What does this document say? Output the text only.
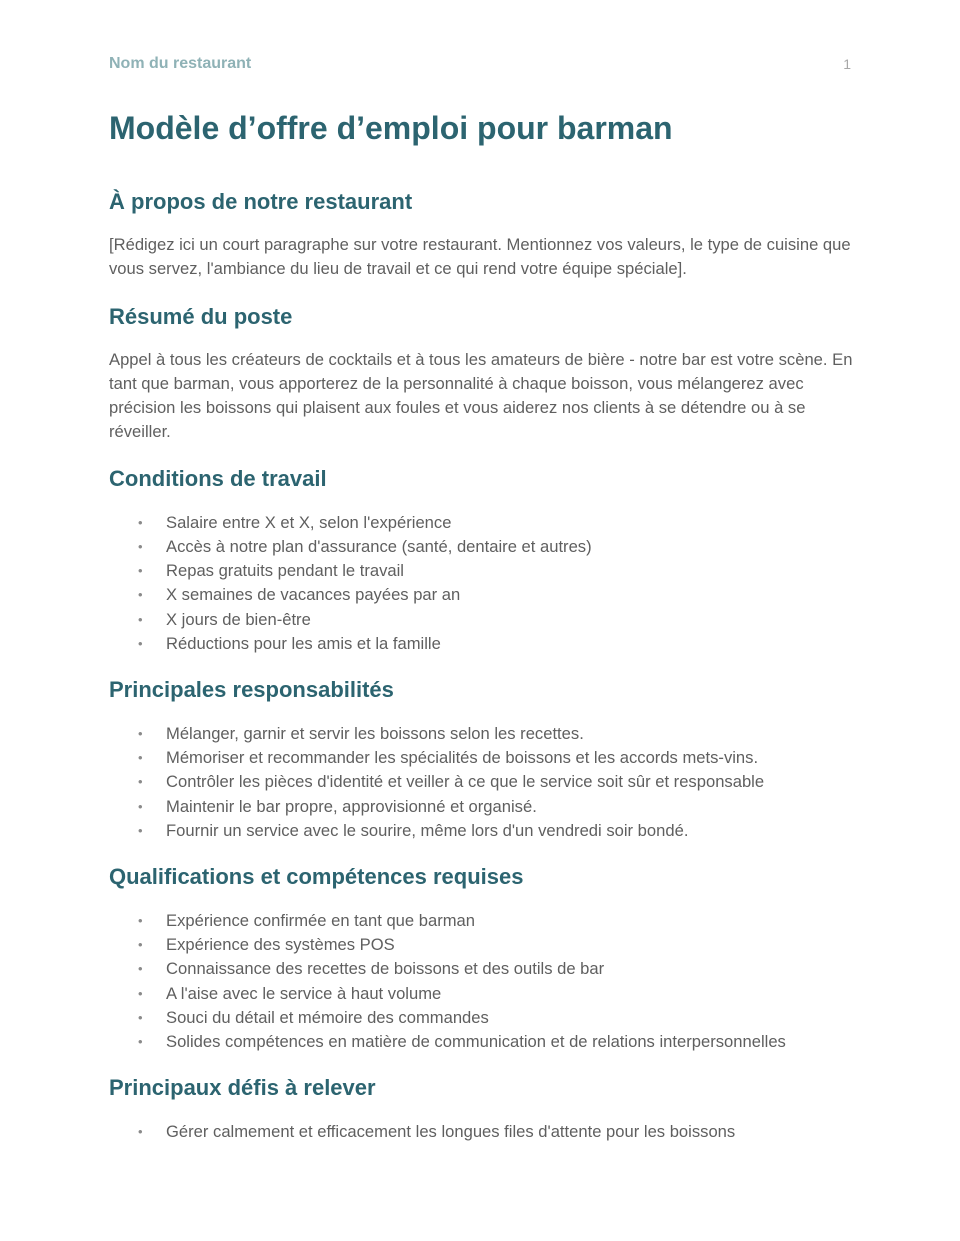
Nom du restaurant	1
Modèle d’offre d’emploi pour barman
À propos de notre restaurant

[Rédigez ici un court paragraphe sur votre restaurant. Mentionnez vos valeurs, le type de cuisine que vous servez, l'ambiance du lieu de travail et ce qui rend votre équipe spéciale].

Résumé du poste

Appel à tous les créateurs de cocktails et à tous les amateurs de bière - notre bar est votre scène. En tant que barman, vous apporterez de la personnalité à chaque boisson, vous mélangerez avec précision les boissons qui plaisent aux foules et vous aiderez nos clients à se détendre ou à se réveiller.

Conditions de travail
• Salaire entre X et X, selon l'expérience
• Accès à notre plan d'assurance (santé, dentaire et autres)
• Repas gratuits pendant le travail
• X semaines de vacances payées par an
• X jours de bien-être
• Réductions pour les amis et la famille
Principales responsabilités
• Mélanger, garnir et servir les boissons selon les recettes.
• Mémoriser et recommander les spécialités de boissons et les accords mets-vins.
• Contrôler les pièces d'identité et veiller à ce que le service soit sûr et responsable
• Maintenir le bar propre, approvisionné et organisé.
• Fournir un service avec le sourire, même lors d'un vendredi soir bondé.
Qualifications et compétences requises
• Expérience confirmée en tant que barman
• Expérience des systèmes POS
• Connaissance des recettes de boissons et des outils de bar
• A l'aise avec le service à haut volume
• Souci du détail et mémoire des commandes
• Solides compétences en matière de communication et de relations interpersonnelles
Principaux défis à relever
• Gérer calmement et efficacement les longues files d'attente pour les boissons
